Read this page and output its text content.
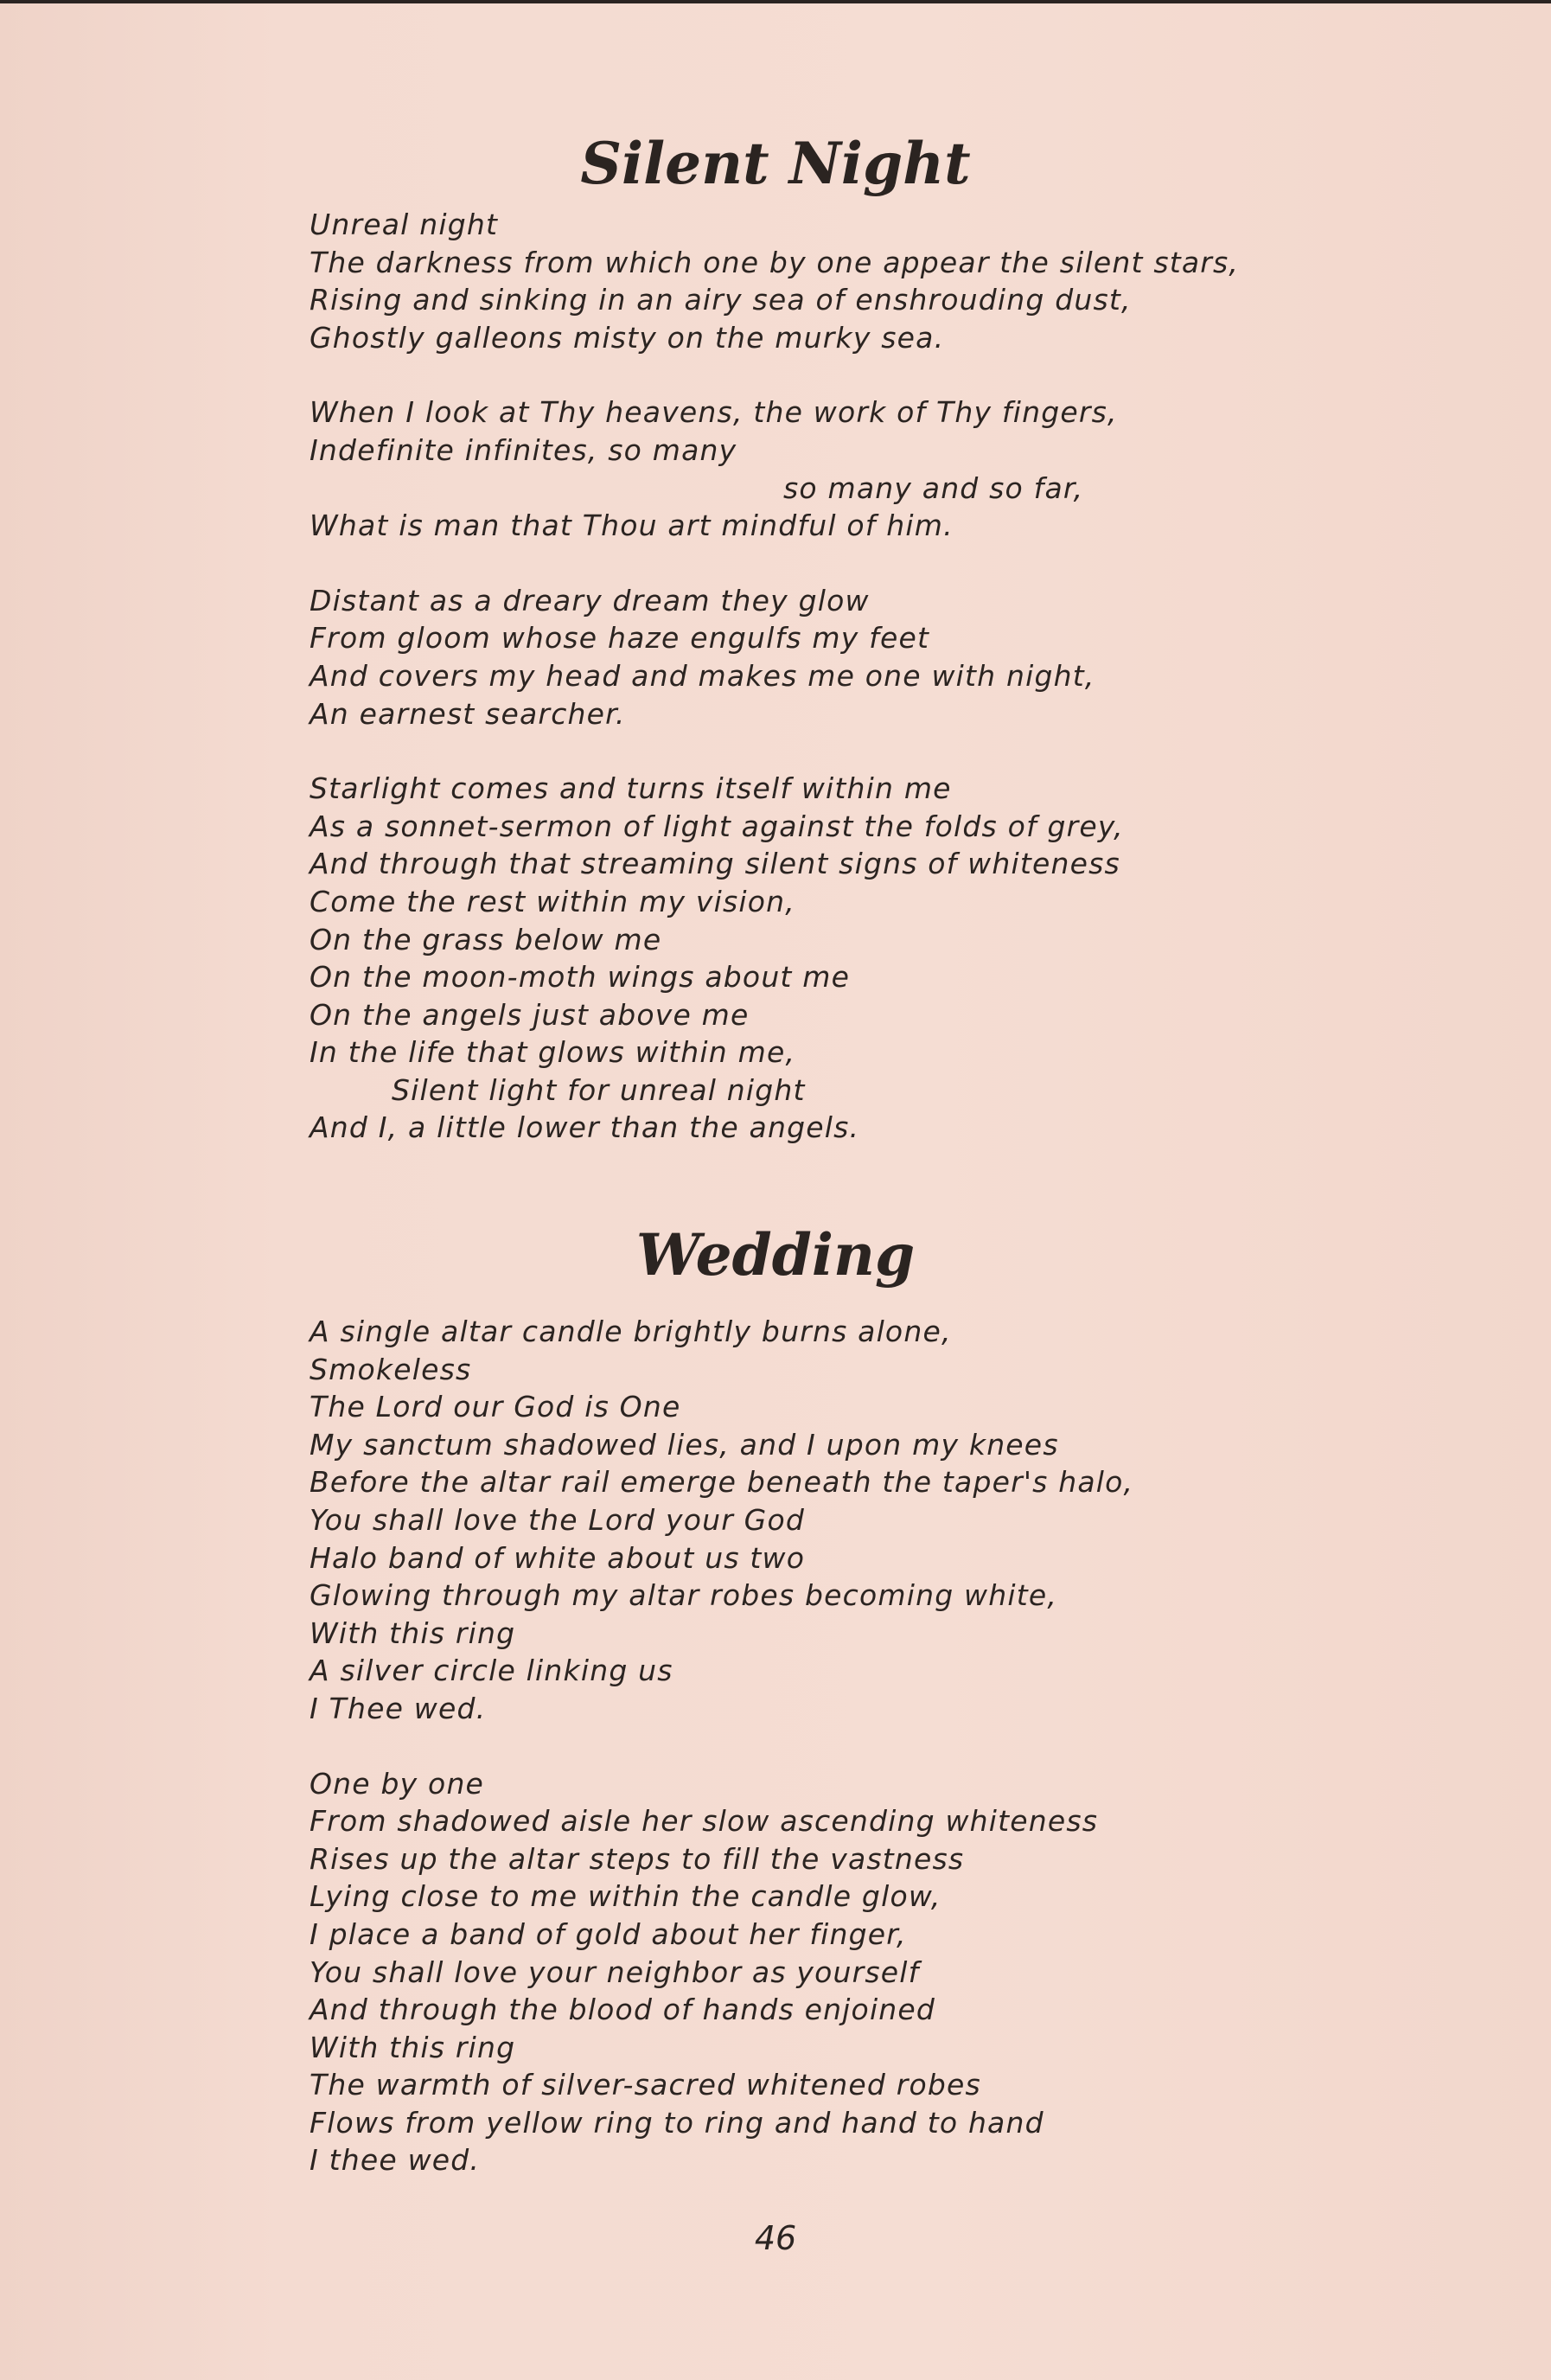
Silent Night
Unreal night
The darkness from which one by one appear the silent stars,
Rising and sinking in an airy sea of enshrouding dust,
Ghostly galleons misty on the murky sea.
When I look at Thy heavens, the work of Thy fingers,
Indefinite infinites, so many
so many and so far,
What is man that Thou art mindful of him.
Distant as a dreary dream they glow
From gloom whose haze engulfs my feet
And covers my head and makes me one with night,
An earnest searcher.
Starlight comes and turns itself within me
As a sonnet-sermon of light against the folds of grey,
And through that streaming silent signs of whiteness
Come the rest within my vision,
On the grass below me
On the moon-moth wings about me
On the angels just above me
In the life that glows within me,
Silent light for unreal night
And I, a little lower than the angels.
Wedding
A single altar candle brightly burns alone,
Smokeless
The Lord our God is One
My sanctum shadowed lies, and I upon my knees
Before the altar rail emerge beneath the taper's halo,
You shall love the Lord your God
Halo band of white about us two
Glowing through my altar robes becoming white,
With this ring
A silver circle linking us
I Thee wed.
One by one
From shadowed aisle her slow ascending whiteness
Rises up the altar steps to fill the vastness
Lying close to me within the candle glow,
I place a band of gold about her finger,
You shall love your neighbor as yourself
And through the blood of hands enjoined
With this ring
The warmth of silver-sacred whitened robes
Flows from yellow ring to ring and hand to hand
I thee wed.
46
